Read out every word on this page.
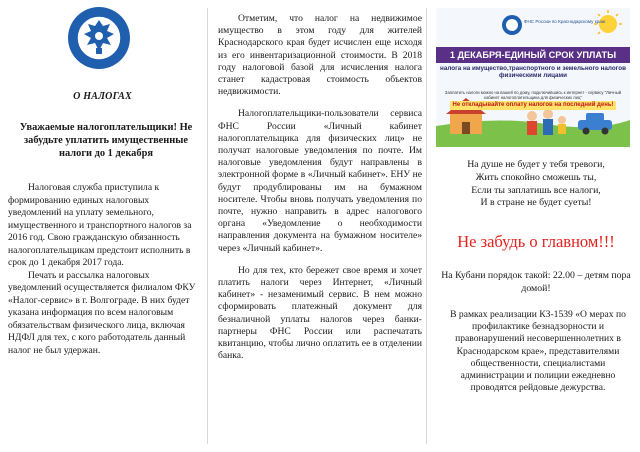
О НАЛОГАХ
Уважаемые налогоплательщики! Не забудьте уплатить имущественные налоги до 1 декабря

Налоговая служба приступила к формированию единых налоговых уведомлений на уплату земельного, имущественного и транспортного налогов за 2016 год. Свою гражданскую обязанность налогоплательщикам предстоит исполнить в срок до 1 декабря 2017 года.

Печать и рассылка налоговых уведомлений осуществляется филиалом ФКУ «Налог-сервис» в г. Волгограде. В них будет указана информация по всем налоговым обязательствам физического лица, включая НДФЛ для тех, с кого работодатель данный налог не был удержан.

Отметим, что налог на недвижимое имущество в этом году для жителей Краснодарского края будет исчислен еще исходя из его инвентаризационной стоимости. В 2018 году налоговой базой для исчисления налога станет кадастровая стоимость объектов недвижимости.

Налогоплательщики-пользователи сервиса ФНС России «Личный кабинет налогоплательщика для физических лиц» не получат налоговые уведомления по почте. Им налоговые уведомления будут направлены в электронной форме в «Личный кабинет». ЕНУ не будут продублированы им на бумажном носителе. Чтобы вновь получать уведомления по почте, нужно направить в адрес налогового органа «Уведомление о необходимости направления документа на бумажном носителе» через «Личный кабинет».

Но для тех, кто бережет свое время и хочет платить налоги через Интернет, «Личный кабинет» - незаменимый сервис. В нем можно сформировать платежный документ для безналичной уплаты налогов через банки-партнеры ФНС России или распечатать квитанцию, чтобы лично оплатить ее в отделении банка.

ФНС России по Краснодарскому краю
1 ДЕКАБРЯ-ЕДИНЫЙ СРОК УПЛАТЫ
налога на имущество,транспортного и земельного налогов физическими лицами
Заплатить налоги можно на вашей по дому, подключившись к интернет - сервису "Личный кабинет налогоплательщика для физических лиц"
Не откладывайте оплату налогов на последний день!
На душе не будет у тебя тревоги,
Жить спокойно сможешь ты,
Если ты заплатишь все налоги,
И в стране не будет суеты!
Не забудь о главном!!!
На Кубани порядок такой: 22.00 – детям пора домой!
В рамках реализации КЗ-1539 «О мерах по профилактике безнадзорности и правонарушений несовершеннолетних в Краснодарском крае», представителями общественности, специалистами администрации и полиции ежедневно проводятся рейдовые дежурства.
